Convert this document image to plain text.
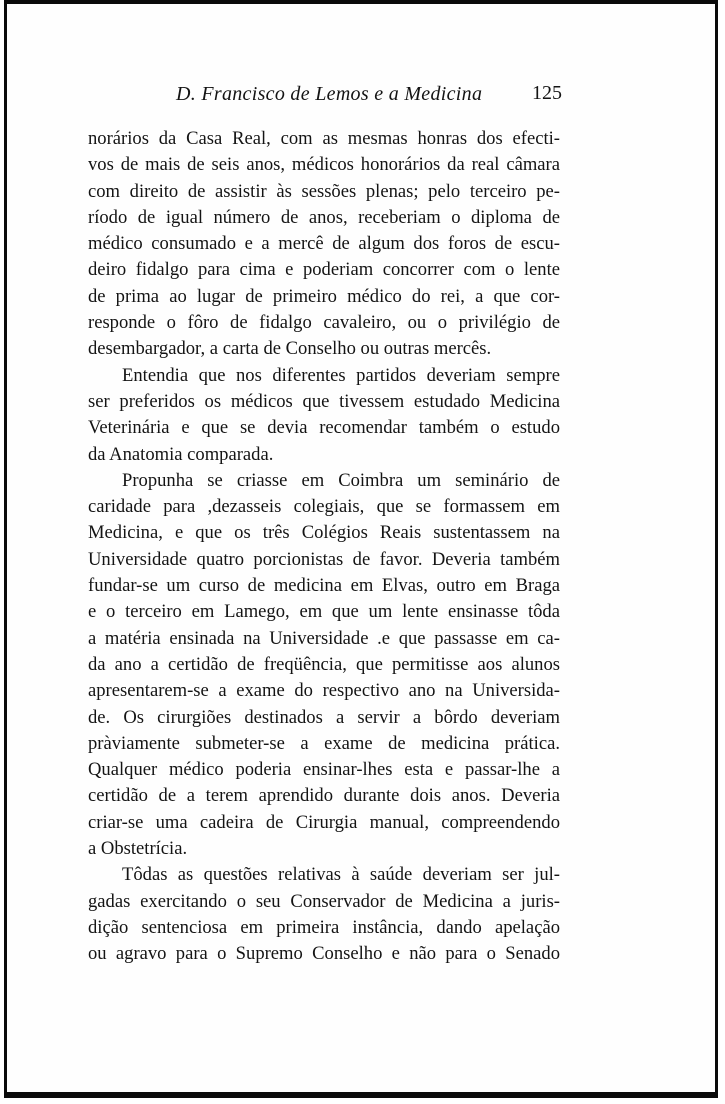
D. Francisco de Lemos e a Medicina 125
norários da Casa Real, com as mesmas honras dos efecti-
vos de mais de seis anos, médicos honorários da real câmara
com direito de assistir às sessões plenas; pelo terceiro pe-
ríodo de igual número de anos, receberiam o diploma de
médico consumado e a mercê de algum dos foros de escu-
deiro fidalgo para cima e poderiam concorrer com o lente
de prima ao lugar de primeiro médico do rei, a que cor-
responde o fôro de fidalgo cavaleiro, ou o privilégio de
desembargador, a carta de Conselho ou outras mercês.
Entendia que nos diferentes partidos deveriam sempre
ser preferidos os médicos que tivessem estudado Medicina
Veterinária e que se devia recomendar também o estudo
da Anatomia comparada.
Propunha se criasse em Coimbra um seminário de
caridade para ,dezasseis colegiais, que se formassem em
Medicina, e que os três Colégios Reais sustentassem na
Universidade quatro porcionistas de favor. Deveria também
fundar-se um curso de medicina em Elvas, outro em Braga
e o terceiro em Lamego, em que um lente ensinasse tôda
a matéria ensinada na Universidade .e que passasse em ca-
da ano a certidão de freqüência, que permitisse aos alunos
apresentarem-se a exame do respectivo ano na Universida-
de. Os cirurgiões destinados a servir a bôrdo deveriam
pràviamente submeter-se a exame de medicina prática.
Qualquer médico poderia ensinar-lhes esta e passar-lhe a
certidão de a terem aprendido durante dois anos. Deveria
criar-se uma cadeira de Cirurgia manual, compreendendo
a Obstetrícia.
Tôdas as questões relativas à saúde deveriam ser jul-
gadas exercitando o seu Conservador de Medicina a juris-
dição sentenciosa em primeira instância, dando apelação
ou agravo para o Supremo Conselho e não para o Senado
